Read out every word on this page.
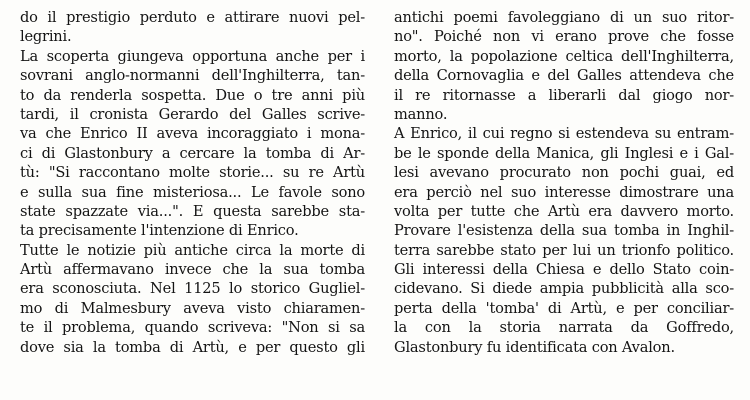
do il prestigio perduto e attirare nuovi pel-
legrini.
La scoperta giungeva opportuna anche per i
sovrani anglo-normanni dell'Inghilterra, tan-
to da renderla sospetta. Due o tre anni più
tardi, il cronista Gerardo del Galles scrive-
va che Enrico II aveva incoraggiato i mona-
ci di Glastonbury a cercare la tomba di Ar-
tù: "Si raccontano molte storie... su re Artù
e sulla sua fine misteriosa... Le favole sono
state spazzate via...". E questa sarebbe sta-
ta precisamente l'intenzione di Enrico.
Tutte le notizie più antiche circa la morte di
Artù affermavano invece che la sua tomba
era sconosciuta. Nel 1125 lo storico Gugliel-
mo di Malmesbury aveva visto chiaramen-
te il problema, quando scriveva: "Non si sa
dove sia la tomba di Artù, e per questo gli
antichi poemi favoleggiano di un suo ritor-
no". Poiché non vi erano prove che fosse
morto, la popolazione celtica dell'Inghilterra,
della Cornovaglia e del Galles attendeva che
il re ritornasse a liberarli dal giogo nor-
manno.
A Enrico, il cui regno si estendeva su entram-
be le sponde della Manica, gli Inglesi e i Gal-
lesi avevano procurato non pochi guai, ed
era perciò nel suo interesse dimostrare una
volta per tutte che Artù era davvero morto.
Provare l'esistenza della sua tomba in Inghil-
terra sarebbe stato per lui un trionfo politico.
Gli interessi della Chiesa e dello Stato coin-
cidevano. Si diede ampia pubblicità alla sco-
perta della 'tomba' di Artù, e per conciliar-
la con la storia narrata da Goffredo,
Glastonbury fu identificata con Avalon.
